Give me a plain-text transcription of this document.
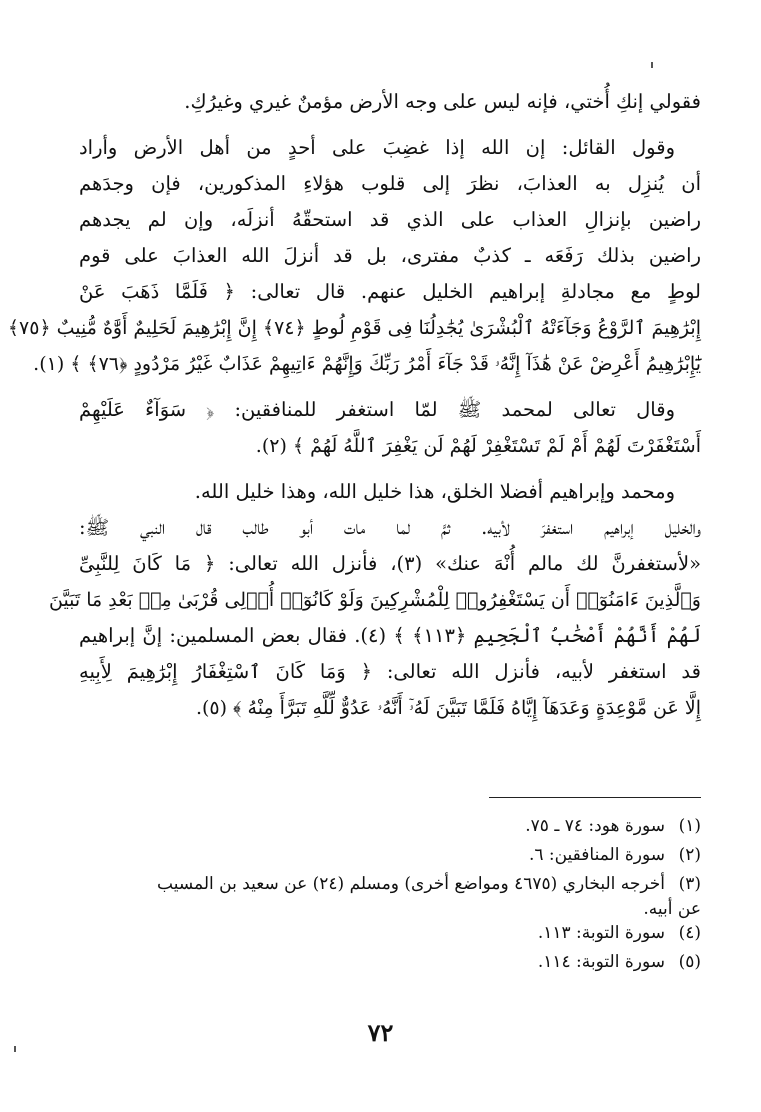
فقولي إنكِ أُختي، فإنه ليس على وجه الأرض مؤمنٌ غيري وغيرُكِ.
وقول القائل: إن الله إذا غضِبَ على أحدٍ من أهل الأرض وأراد
أن يُنزِل به العذابَ، نظرَ إلى قلوب هؤلاءِ المذكورين، فإن وجدَهم
راضين بإنزالِ العذاب على الذي قد استحقّهُ أنزلَه، وإن لم يجدهم
راضين بذلك رَفَعَه ـ كذبٌ مفترى، بل قد أنزلَ الله العذابَ على قوم
لوطٍ مع مجادلةِ إبراهيم الخليل عنهم. قال تعالى: ﴿ فَلَمَّا ذَهَبَ عَنْ
إِبْرَٰهِيمَ ٱلرَّوْعُ وَجَآءَتْهُ ٱلْبُشْرَىٰ يُجَٰدِلُنَا فِى قَوْمِ لُوطٍ ﴿٧٤﴾ إِنَّ إِبْرَٰهِيمَ لَحَلِيمٌ أَوَّٰهٌ مُّنِيبٌ ﴿٧٥﴾
يَٰٓإِبْرَٰهِيمُ أَعْرِضْ عَنْ هَٰذَآ إِنَّهُۥ قَدْ جَآءَ أَمْرُ رَبِّكَ وَإِنَّهُمْ ءَاتِيهِمْ عَذَابٌ غَيْرُ مَرْدُودٍ ﴿٧٦﴾ ﴾ (١).
وقال تعالى لمحمد ﷺ لمّا استغفر للمنافقين: ﴿ سَوَآءٌ عَلَيْهِمْ
أَسْتَغْفَرْتَ لَهُمْ أَمْ لَمْ تَسْتَغْفِرْ لَهُمْ لَن يَغْفِرَ ٱللَّهُ لَهُمْ ﴾ (٢).
ومحمد وإبراهيم أفضلا الخلق، هذا خليل الله، وهذا خليل الله.
والخليل إبراهيم استغفرَ لأبيه. ثمَّ لما مات أبو طالب قال النبي ﷺ:
«لأستغفرنَّ لك مالم أُنْهَ عنك» (٣)، فأنزل الله تعالى: ﴿ مَا كَانَ لِلنَّبِىِّ
وَٱلَّذِينَ ءَامَنُوٓا۟ أَن يَسْتَغْفِرُوا۟ لِلْمُشْرِكِينَ وَلَوْ كَانُوٓا۟ أُو۟لِى قُرْبَىٰ مِنۢ بَعْدِ مَا تَبَيَّنَ
لَهُمْ أَنَّهُمْ أَصْحَٰبُ ٱلْجَحِيمِ ﴿١١٣﴾ ﴾ (٤). فقال بعض المسلمين: إنَّ إبراهيم
قد استغفر لأبيه، فأنزل الله تعالى: ﴿ وَمَا كَانَ ٱسْتِغْفَارُ إِبْرَٰهِيمَ لِأَبِيهِ
إِلَّا عَن مَّوْعِدَةٍ وَعَدَهَآ إِيَّاهُ فَلَمَّا تَبَيَّنَ لَهُۥٓ أَنَّهُۥ عَدُوٌّ لِّلَّهِ تَبَرَّأَ مِنْهُ ﴾ (٥).
(١)
سورة هود: ٧٤ ـ ٧٥.
(٢)
سورة المنافقين: ٦.
(٣)
أخرجه البخاري (٤٦٧٥ ومواضع أخرى) ومسلم (٢٤) عن سعيد بن المسيب
عن أبيه.
(٤)
سورة التوبة: ١١٣.
(٥)
سورة التوبة: ١١٤.
٧٢
